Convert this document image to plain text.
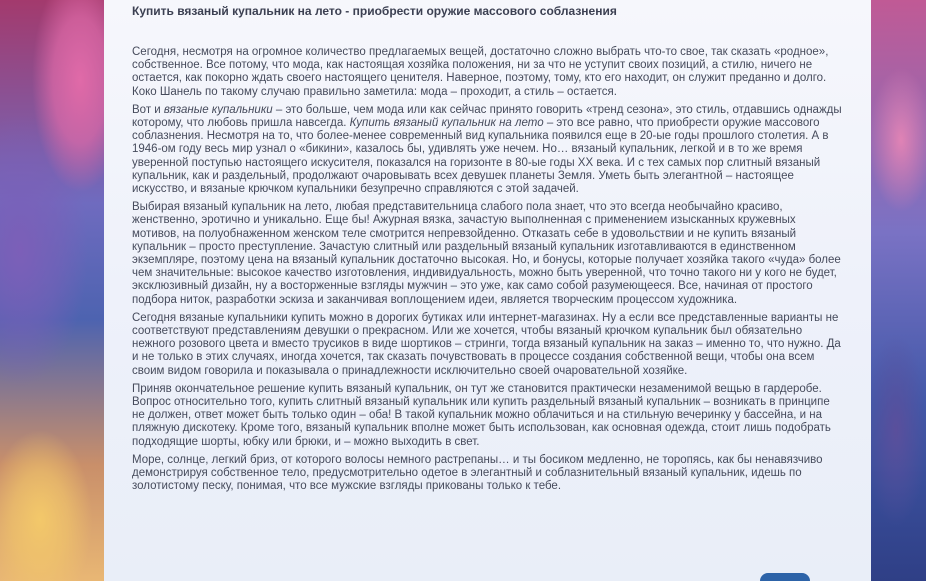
Купить вязаный купальник на лето - приобрести оружие массового соблазнения

Сегодня, несмотря на огромное количество предлагаемых вещей, достаточно сложно выбрать что-то свое, так сказать «родное», собственное. Все потому, что мода, как настоящая хозяйка положения, ни за что не уступит своих позиций, а стилю, ничего не остается, как покорно ждать своего настоящего ценителя. Наверное, поэтому, тому, кто его находит, он служит преданно и долго. Коко Шанель по такому случаю правильно заметила: мода – проходит, а стиль – остается.

Вот и вязаные купальники – это больше, чем мода или как сейчас принято говорить «тренд сезона», это стиль, отдавшись однажды которому, что любовь пришла навсегда. Купить вязаный купальник на лето – это все равно, что приобрести оружие массового соблазнения. Несмотря на то, что более-менее современный вид купальника появился еще в 20-ые годы прошлого столетия. А в 1946-ом году весь мир узнал о «бикини», казалось бы, удивлять уже нечем. Но… вязаный купальник, легкой и в то же время уверенной поступью настоящего искусителя, показался на горизонте в 80-ые годы XX века. И с тех самых пор слитный вязаный купальник, как и раздельный, продолжают очаровывать всех девушек планеты Земля. Уметь быть элегантной – настоящее искусство, и вязаные крючком купальники безупречно справляются с этой задачей.

Выбирая вязаный купальник на лето, любая представительница слабого пола знает, что это всегда необычайно красиво, женственно, эротично и уникально. Еще бы! Ажурная вязка, зачастую выполненная с применением изысканных кружевных мотивов, на полуобнаженном женском теле смотрится непревзойденно. Отказать себе в удовольствии и не купить вязаный купальник – просто преступление. Зачастую слитный или раздельный вязаный купальник изготавливаются в единственном экземпляре, поэтому цена на вязаный купальник достаточно высокая. Но, и бонусы, которые получает хозяйка такого «чуда» более чем значительные: высокое качество изготовления, индивидуальность, можно быть уверенной, что точно такого ни у кого не будет, эксклюзивный дизайн, ну а восторженные взгляды мужчин – это уже, как само собой разумеющееся. Все, начиная от простого подбора ниток, разработки эскиза и заканчивая воплощением идеи, является творческим процессом художника.

Сегодня вязаные купальники купить можно в дорогих бутиках или интернет-магазинах. Ну а если все представленные варианты не соответствуют представлениям девушки о прекрасном. Или же хочется, чтобы вязаный крючком купальник был обязательно нежного розового цвета и вместо трусиков в виде шортиков – стринги, тогда вязаный купальник на заказ – именно то, что нужно. Да и не только в этих случаях, иногда хочется, так сказать почувствовать в процессе создания собственной вещи, чтобы она всем своим видом говорила и показывала о принадлежности исключительно своей очаровательной хозяйке.

Приняв окончательное решение купить вязаный купальник, он тут же становится практически незаменимой вещью в гардеробе. Вопрос относительно того, купить слитный вязаный купальник или купить раздельный вязаный купальник – возникать в принципе не должен, ответ может быть только один – оба! В такой купальник можно облачиться и на стильную вечеринку у бассейна, и на пляжную дискотеку. Кроме того, вязаный купальник вполне может быть использован, как основная одежда, стоит лишь подобрать подходящие шорты, юбку или брюки, и – можно выходить в свет.

Море, солнце, легкий бриз, от которого волосы немного растрепаны… и ты босиком медленно, не торопясь, как бы ненавязчиво демонстрируя собственное тело, предусмотрительно одетое в элегантный и соблазнительный вязаный купальник, идешь по золотистому песку, понимая, что все мужские взгляды прикованы только к тебе.
